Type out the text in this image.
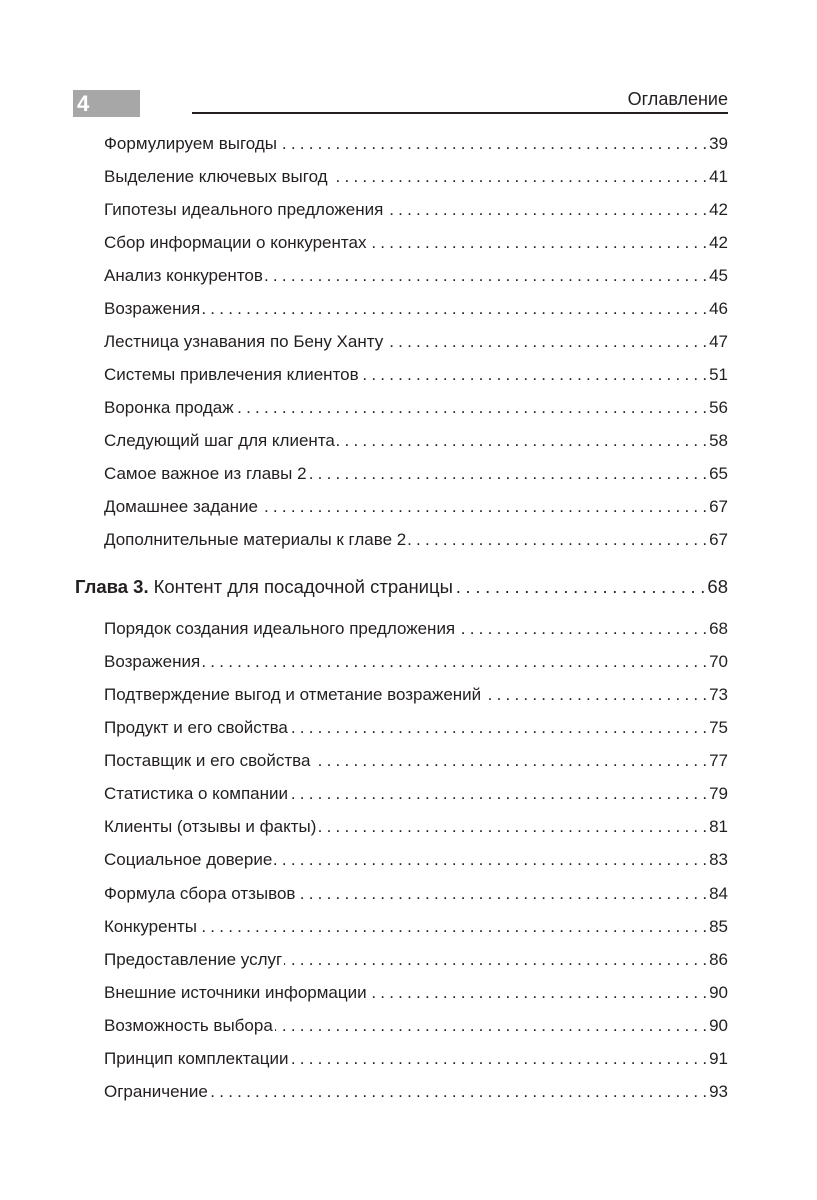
4	Оглавление
Формулируем выгоды . . .	39
Выделение ключевых выгод . . .	41
Гипотезы идеального предложения . . .	42
Сбор информации о конкурентах . . .	42
Анализ конкурентов . . .	45
Возражения . . .	46
Лестница узнавания по Бену Ханту . . .	47
Системы привлечения клиентов . . .	51
Воронка продаж . . .	56
Следующий шаг для клиента . . .	58
Самое важное из главы 2 . . .	65
Домашнее задание . . .	67
Дополнительные материалы к главе 2 . . .	67
Глава 3. Контент для посадочной страницы . . .	68
Порядок создания идеального предложения . . .	68
Возражения . . .	70
Подтверждение выгод и отметание возражений . . .	73
Продукт и его свойства . . .	75
Поставщик и его свойства . . .	77
Статистика о компании . . .	79
Клиенты (отзывы и факты) . . .	81
Социальное доверие . . .	83
Формула сбора отзывов . . .	84
Конкуренты . . .	85
Предоставление услуг . . .	86
Внешние источники информации . . .	90
Возможность выбора . . .	90
Принцип комплектации . . .	91
Ограничение . . .	93
